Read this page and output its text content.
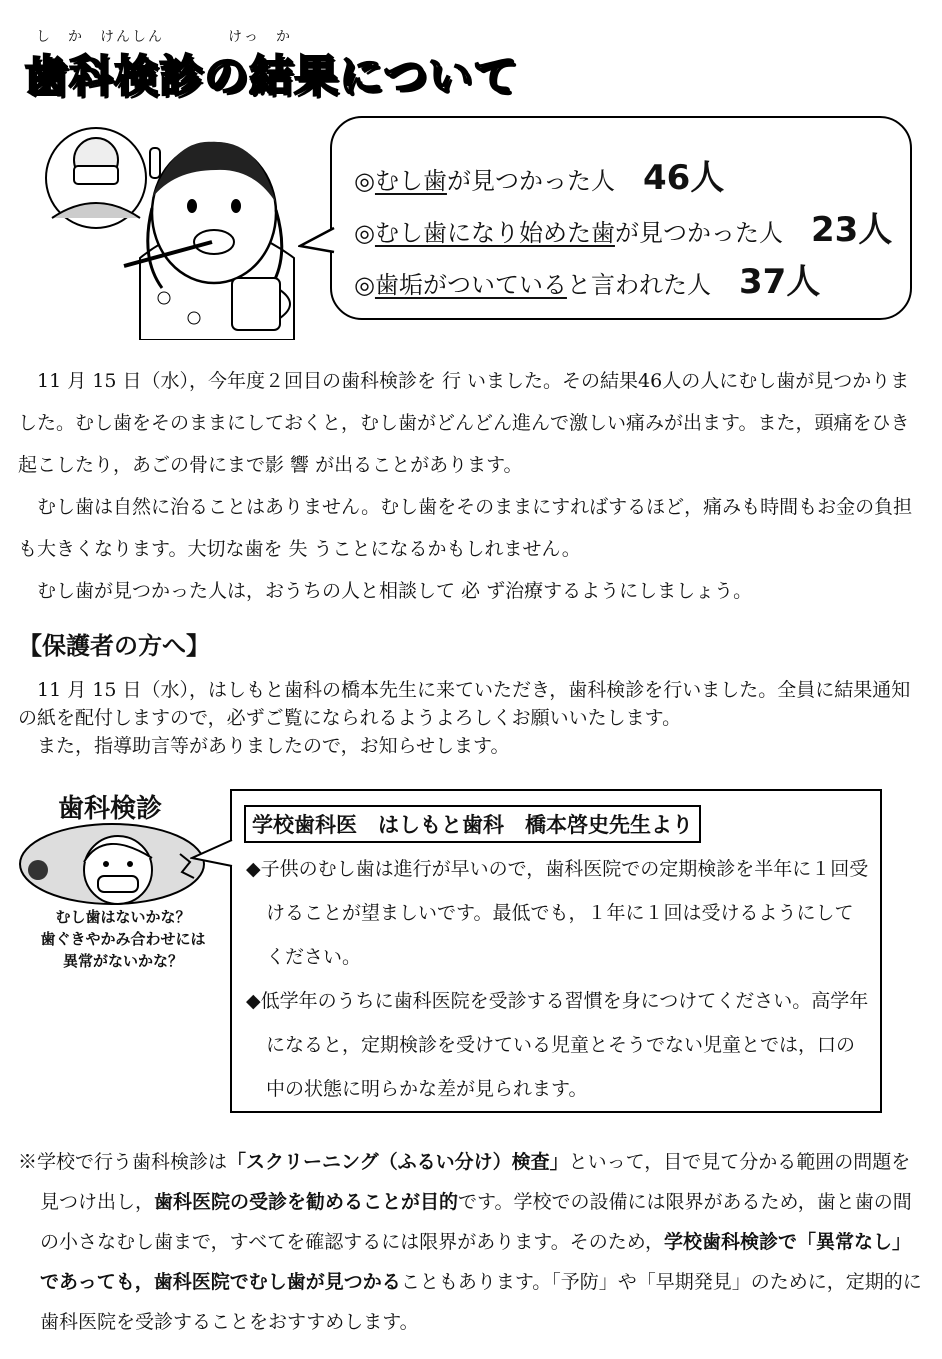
し　か　けんしん　　　　けっ　か
歯科検診の結果について
◎ むし歯 が見つかった人 46人
◎ むし歯になり始めた歯 が見つかった人 23人
◎ 歯垢がついている と言われた人 37人

11 月 15 日（水），今年度２回目の歯科検診を 行 いました。その結果46人の人にむし歯が見つかりました。むし歯をそのままにしておくと，むし歯がどんどん進んで激しい痛みが出ます。また，頭痛をひき起こしたり，あごの骨にまで影 響 が出ることがあります。

むし歯は自然に治ることはありません。むし歯をそのままにすればするほど，痛みも時間もお金の負担も大きくなります。大切な歯を 失 うことになるかもしれません。

むし歯が見つかった人は，おうちの人と相談して 必 ず治療するようにしましょう。

【保護者の方へ】

11 月 15 日（水），はしもと歯科の橋本先生に来ていただき，歯科検診を行いました。全員に結果通知の紙を配付しますので，必ずご覧になられるようよろしくお願いいたします。

また，指導助言等がありましたので，お知らせします。

歯科検診
むし歯はないかな？
歯ぐきやかみ合わせには
異常がないかな？
学校歯科医　はしもと歯科　橋本啓史先生より

◆子供のむし歯は進行が早いので，歯科医院での定期検診を半年に１回受けることが望ましいです。最低でも，１年に１回は受けるようにしてください。

◆低学年のうちに歯科医院を受診する習慣を身につけてください。高学年になると，定期検診を受けている児童とそうでない児童とでは，口の中の状態に明らかな差が見られます。

※学校で行う歯科検診は「スクリーニング（ふるい分け）検査」といって，目で見て分かる範囲の問題を見つけ出し，歯科医院の受診を勧めることが目的です。学校での設備には限界があるため，歯と歯の間の小さなむし歯まで，すべてを確認するには限界があります。そのため，学校歯科検診で「異常なし」であっても，歯科医院でむし歯が見つかることもあります。「予防」や「早期発見」のために，定期的に歯科医院を受診することをおすすめします。
